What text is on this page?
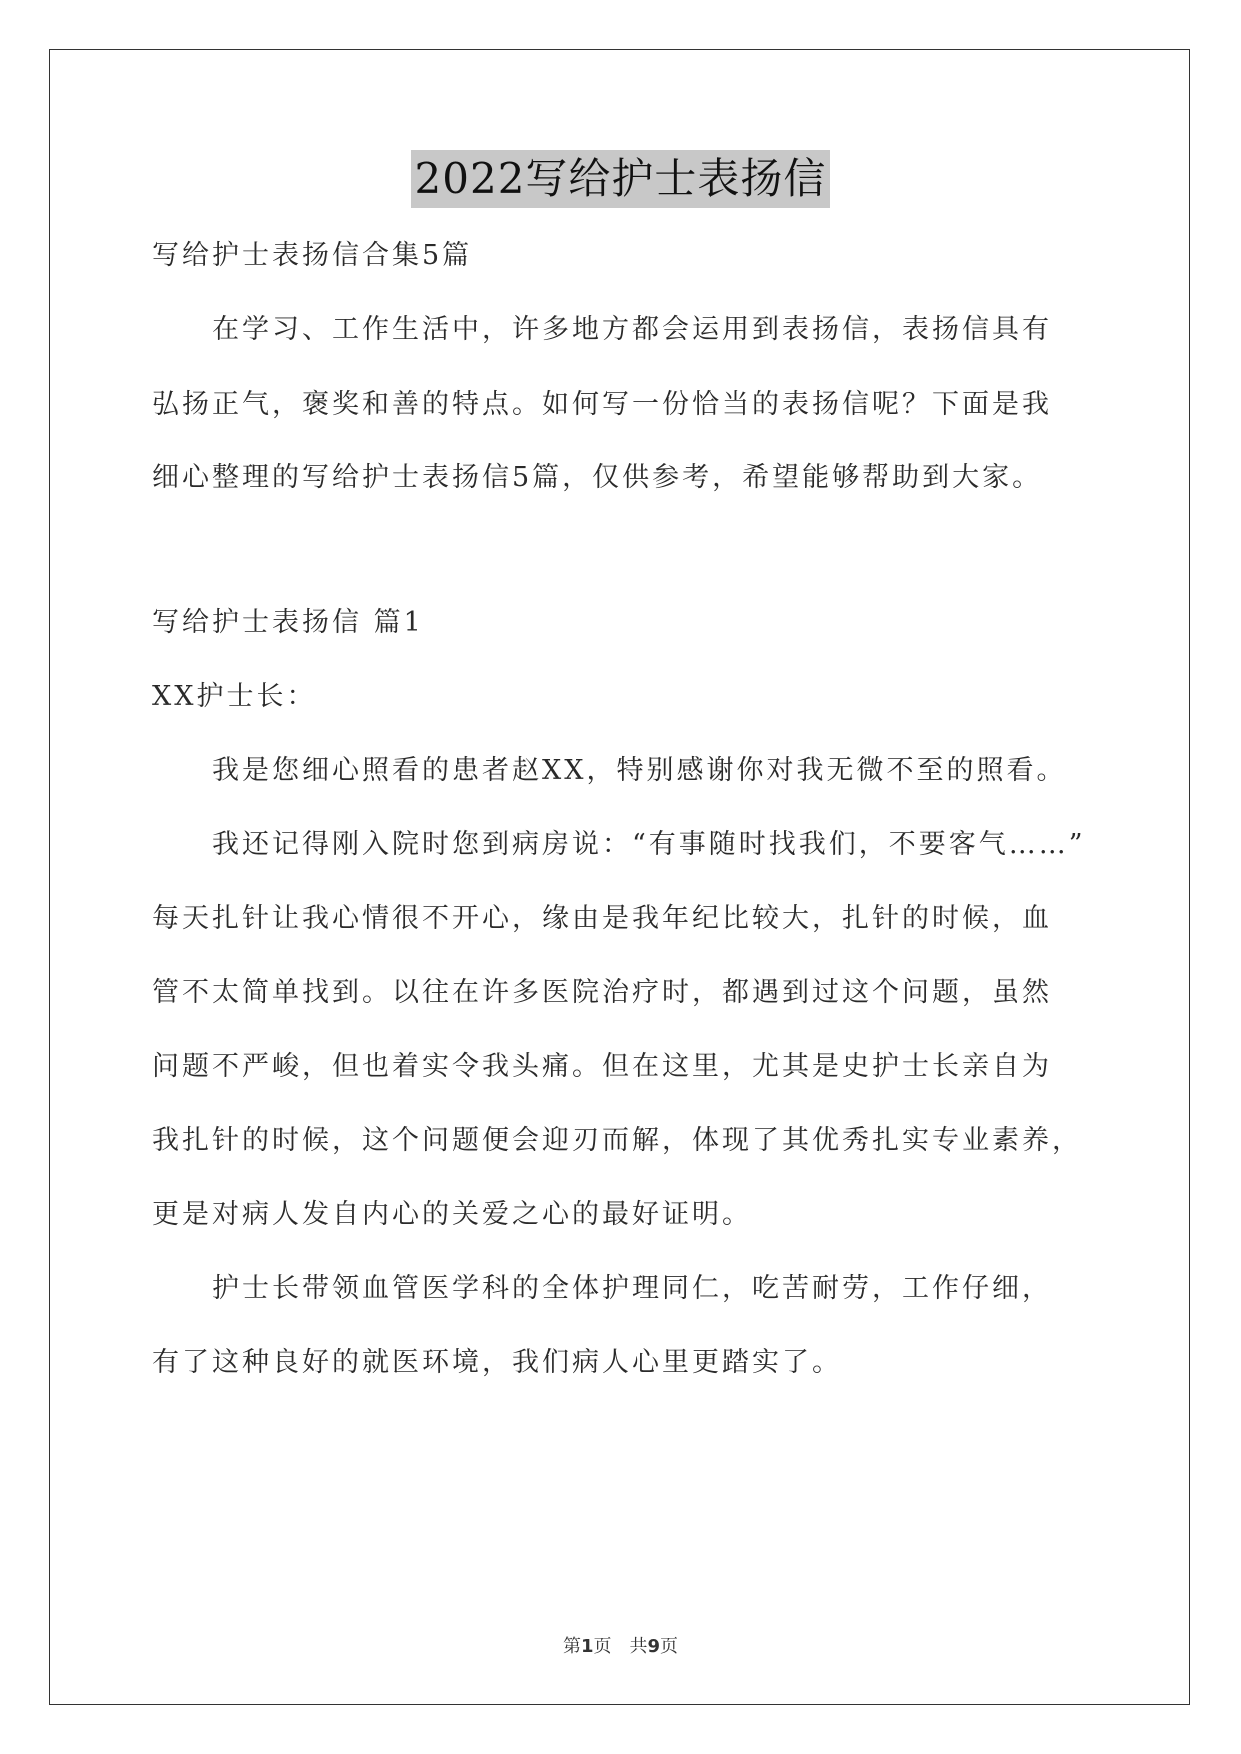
2022写给护士表扬信
写给护士表扬信合集5篇
在学习、工作生活中，许多地方都会运用到表扬信，表扬信具有
弘扬正气，褒奖和善的特点。如何写一份恰当的表扬信呢？下面是我
细心整理的写给护士表扬信5篇，仅供参考，希望能够帮助到大家。
写给护士表扬信 篇1
XX护士长：
我是您细心照看的患者赵XX，特别感谢你对我无微不至的照看。
我还记得刚入院时您到病房说：“有事随时找我们，不要客气……”
每天扎针让我心情很不开心，缘由是我年纪比较大，扎针的时候，血
管不太简单找到。以往在许多医院治疗时，都遇到过这个问题，虽然
问题不严峻，但也着实令我头痛。但在这里，尤其是史护士长亲自为
我扎针的时候，这个问题便会迎刃而解，体现了其优秀扎实专业素养，
更是对病人发自内心的关爱之心的最好证明。
护士长带领血管医学科的全体护理同仁，吃苦耐劳，工作仔细，
有了这种良好的就医环境，我们病人心里更踏实了。
第1页　共9页
